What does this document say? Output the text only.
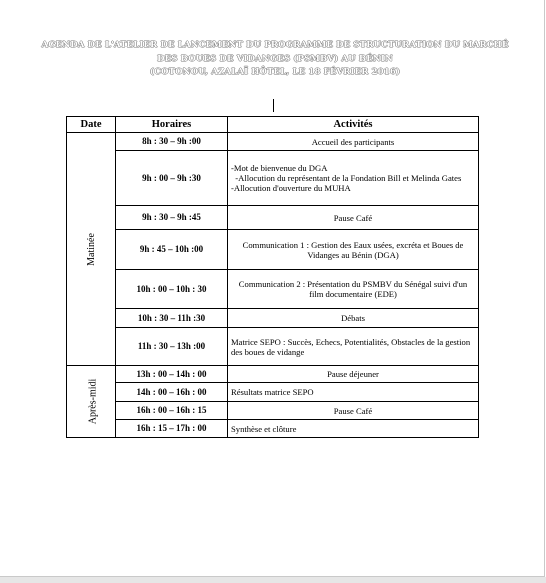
AGENDA DE L'ATELIER DE LANCEMENT DU PROGRAMME DE STRUCTURATION DU MARCHÉ
DES BOUES DE VIDANGES (PSMBV) AU BÉNIN
(COTONOU, AZALAÏ HÔTEL, LE 18 FÉVRIER 2016)
Date	Horaires	Activités
Matinée	8h : 30 – 9h :00	Accueil des participants
	9h : 00 – 9h :30	-Mot de bienvenue du DGA
-Allocution du représentant de la Fondation Bill et Melinda Gates
-Allocution d'ouverture du MUHA

	9h : 30 – 9h :45	Pause Café
	9h : 45 – 10h :00	Communication 1 : Gestion des Eaux usées, excréta et Boues de Vidanges au Bénin (DGA)
	10h : 00 – 10h : 30	Communication 2 : Présentation du PSMBV du Sénégal suivi d'un film documentaire (EDE)
	10h : 30 – 11h :30	Débats
	11h : 30 – 13h :00	Matrice SEPO : Succès, Echecs, Potentialités, Obstacles de la gestion des boues de vidange
Après-midi	13h : 00 – 14h : 00	Pause déjeuner
	14h : 00 – 16h : 00	Résultats matrice SEPO
	16h : 00 – 16h : 15	Pause Café
	16h : 15 – 17h : 00	Synthèse et clôture
